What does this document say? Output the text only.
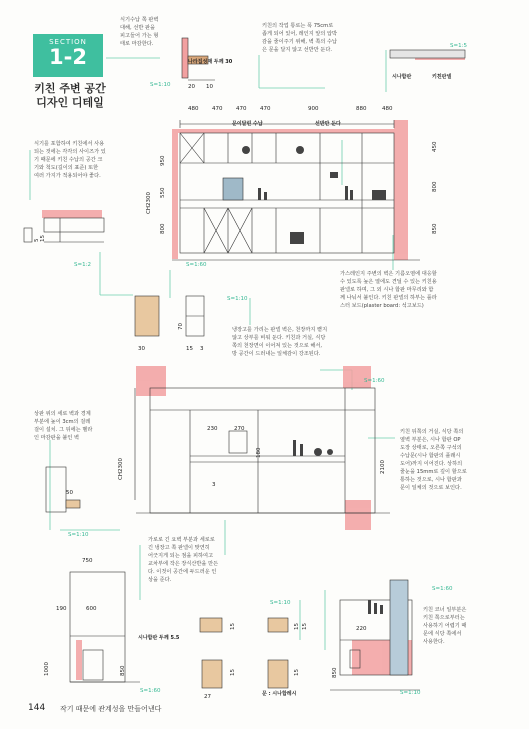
SECTION
1-2
키친 주변 공간
디자인 디테일
식기수납 쪽 판벽
대해, 선반 판을
피고들어 가는 형
태로 마감한다.
키친의 작업 통로는 폭 75cm로
좁게 되어 있어, 레인지 앞의 압박
감을 줄이주기 위해, 벽 쪽의 수납
은 문을 달지 않고 선반만 둔다.
식기를 포함하여 키친에서 사용
되는 것에는 각각의 사이즈가 있
기 때문에 키친 수납의 공간 크
기와 척도(길이의 표준) 또한
여러 가지가 적용되어야 좋다.
가스레인지 주변의 벽은 기름오염에 대응할
수 있도록 높은 열에도 견딜 수 있는 키친용
판넬로 하며, 그 외 시나 합판 마무리와 함
께 나눠서 붙인다. 키친 판넬의 하부는 플라
스터 보드(plaster board: 석고보드)
냉장고를 가리는 판넬 벽은, 천장까지 뻗지
않고 상부를 비워 둔다. 키친과 거실, 식당
쪽의 천장면이 이어져 있는 것으로 해서,
방 공간이 드러내는 일체감이 강조된다.
상판 위의 세로 벽과 경계
부분에 높이 3cm의 걸레
걸이 설치. 그 뒤에는 벨라
인 마감판을 붙인 벽
키친 뒤쪽의 거실, 식당 쪽의
옆벽 부분은, 시나 합판 OP
도장 상태로, 오른쪽 구석의
수납문(시나 합판의 플래시
도어)까지 이어진다. 상하의
줄눈을 15mm로 깊이 할으로
통하는 것으로, 시나 합판과
문이 일체의 것으로 보인다.
가로로 긴 요벽 부분과 세로로
긴 냉장고 쪽 판넬이 맞연히
어긋지게 되는 점을 피하여고
교차부에 작은 장식산반을 만든
다. 이것이 공간에 두드러운 인
상을 준다.
키친 코너 일부분은
키친 쪽으로부터는
사용하기 어렵기 때
문에 식당 쪽에서
사용한다.
나라집성재 두께 30
시나합판	키친판넬
문이달린 수납	선반만 둔다
시나합판 두께 5.5
문 : 시나합레시
S=1:10
S=1:5
S=1:2	S=1:60
S=1:10
S=1:60
S=1:10
S=1:10
S=1:60
S=1:60	S=1:10
480 470 470 470	900	880	480
CH2300
950
550
800
450
800
850
20 10
5 15
30	15 3
70
230	270
180
3
2100
CH2300
50
750
190	600
1000	850
220
850
15
15
27
15
15
15
144 작기 때문에 관계성을 만들어낸다
